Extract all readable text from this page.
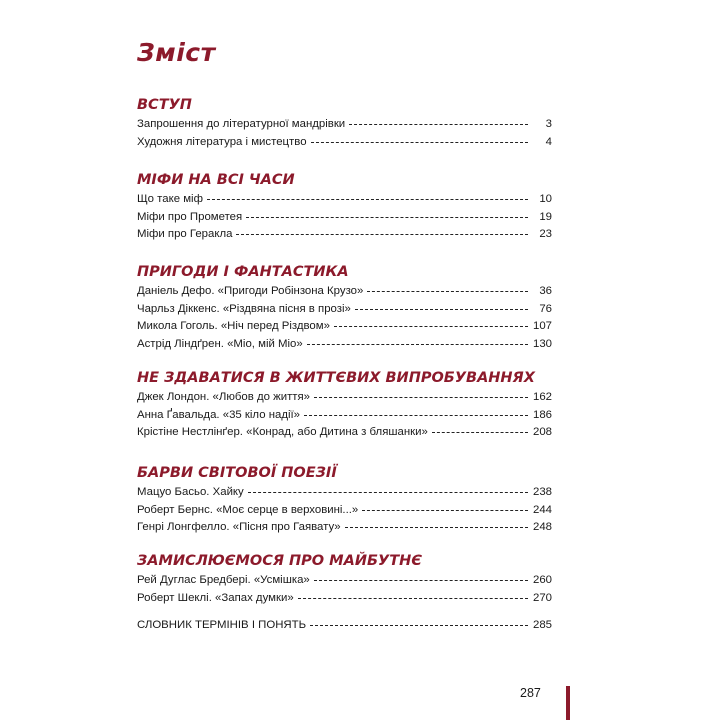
Зміст
ВСТУП
Запрошення до літературної мандрівки	3
Художня література і мистецтво	4
МІФИ НА ВСІ ЧАСИ
Що таке міф	10
Міфи про Прометея	19
Міфи про Геракла	23
ПРИГОДИ І ФАНТАСТИКА
Даніель Дефо. «Пригоди Робінзона Крузо»	36
Чарльз Діккенс. «Різдвяна пісня в прозі»	76
Микола Гоголь. «Ніч перед Різдвом»	107
Астрід Ліндґрен. «Міо, мій Міо»	130
НЕ ЗДАВАТИСЯ В ЖИТТЄВИХ ВИПРОБУВАННЯХ
Джек Лондон. «Любов до життя»	162
Анна Ґавальда. «35 кіло надії»	186
Крістіне Нестлінґер. «Конрад, або Дитина з бляшанки»	208
БАРВИ СВІТОВОЇ ПОЕЗІЇ
Мацуо Басьо. Хайку	238
Роберт Бернс. «Моє серце в верховині...»	244
Генрі Лонгфелло. «Пісня про Гаявату»	248
ЗАМИСЛЮЄМОСЯ ПРО МАЙБУТНЄ
Рей Дуглас Бредбері. «Усмішка»	260
Роберт Шеклі. «Запах думки»	270
СЛОВНИК ТЕРМІНІВ І ПОНЯТЬ	285
287
